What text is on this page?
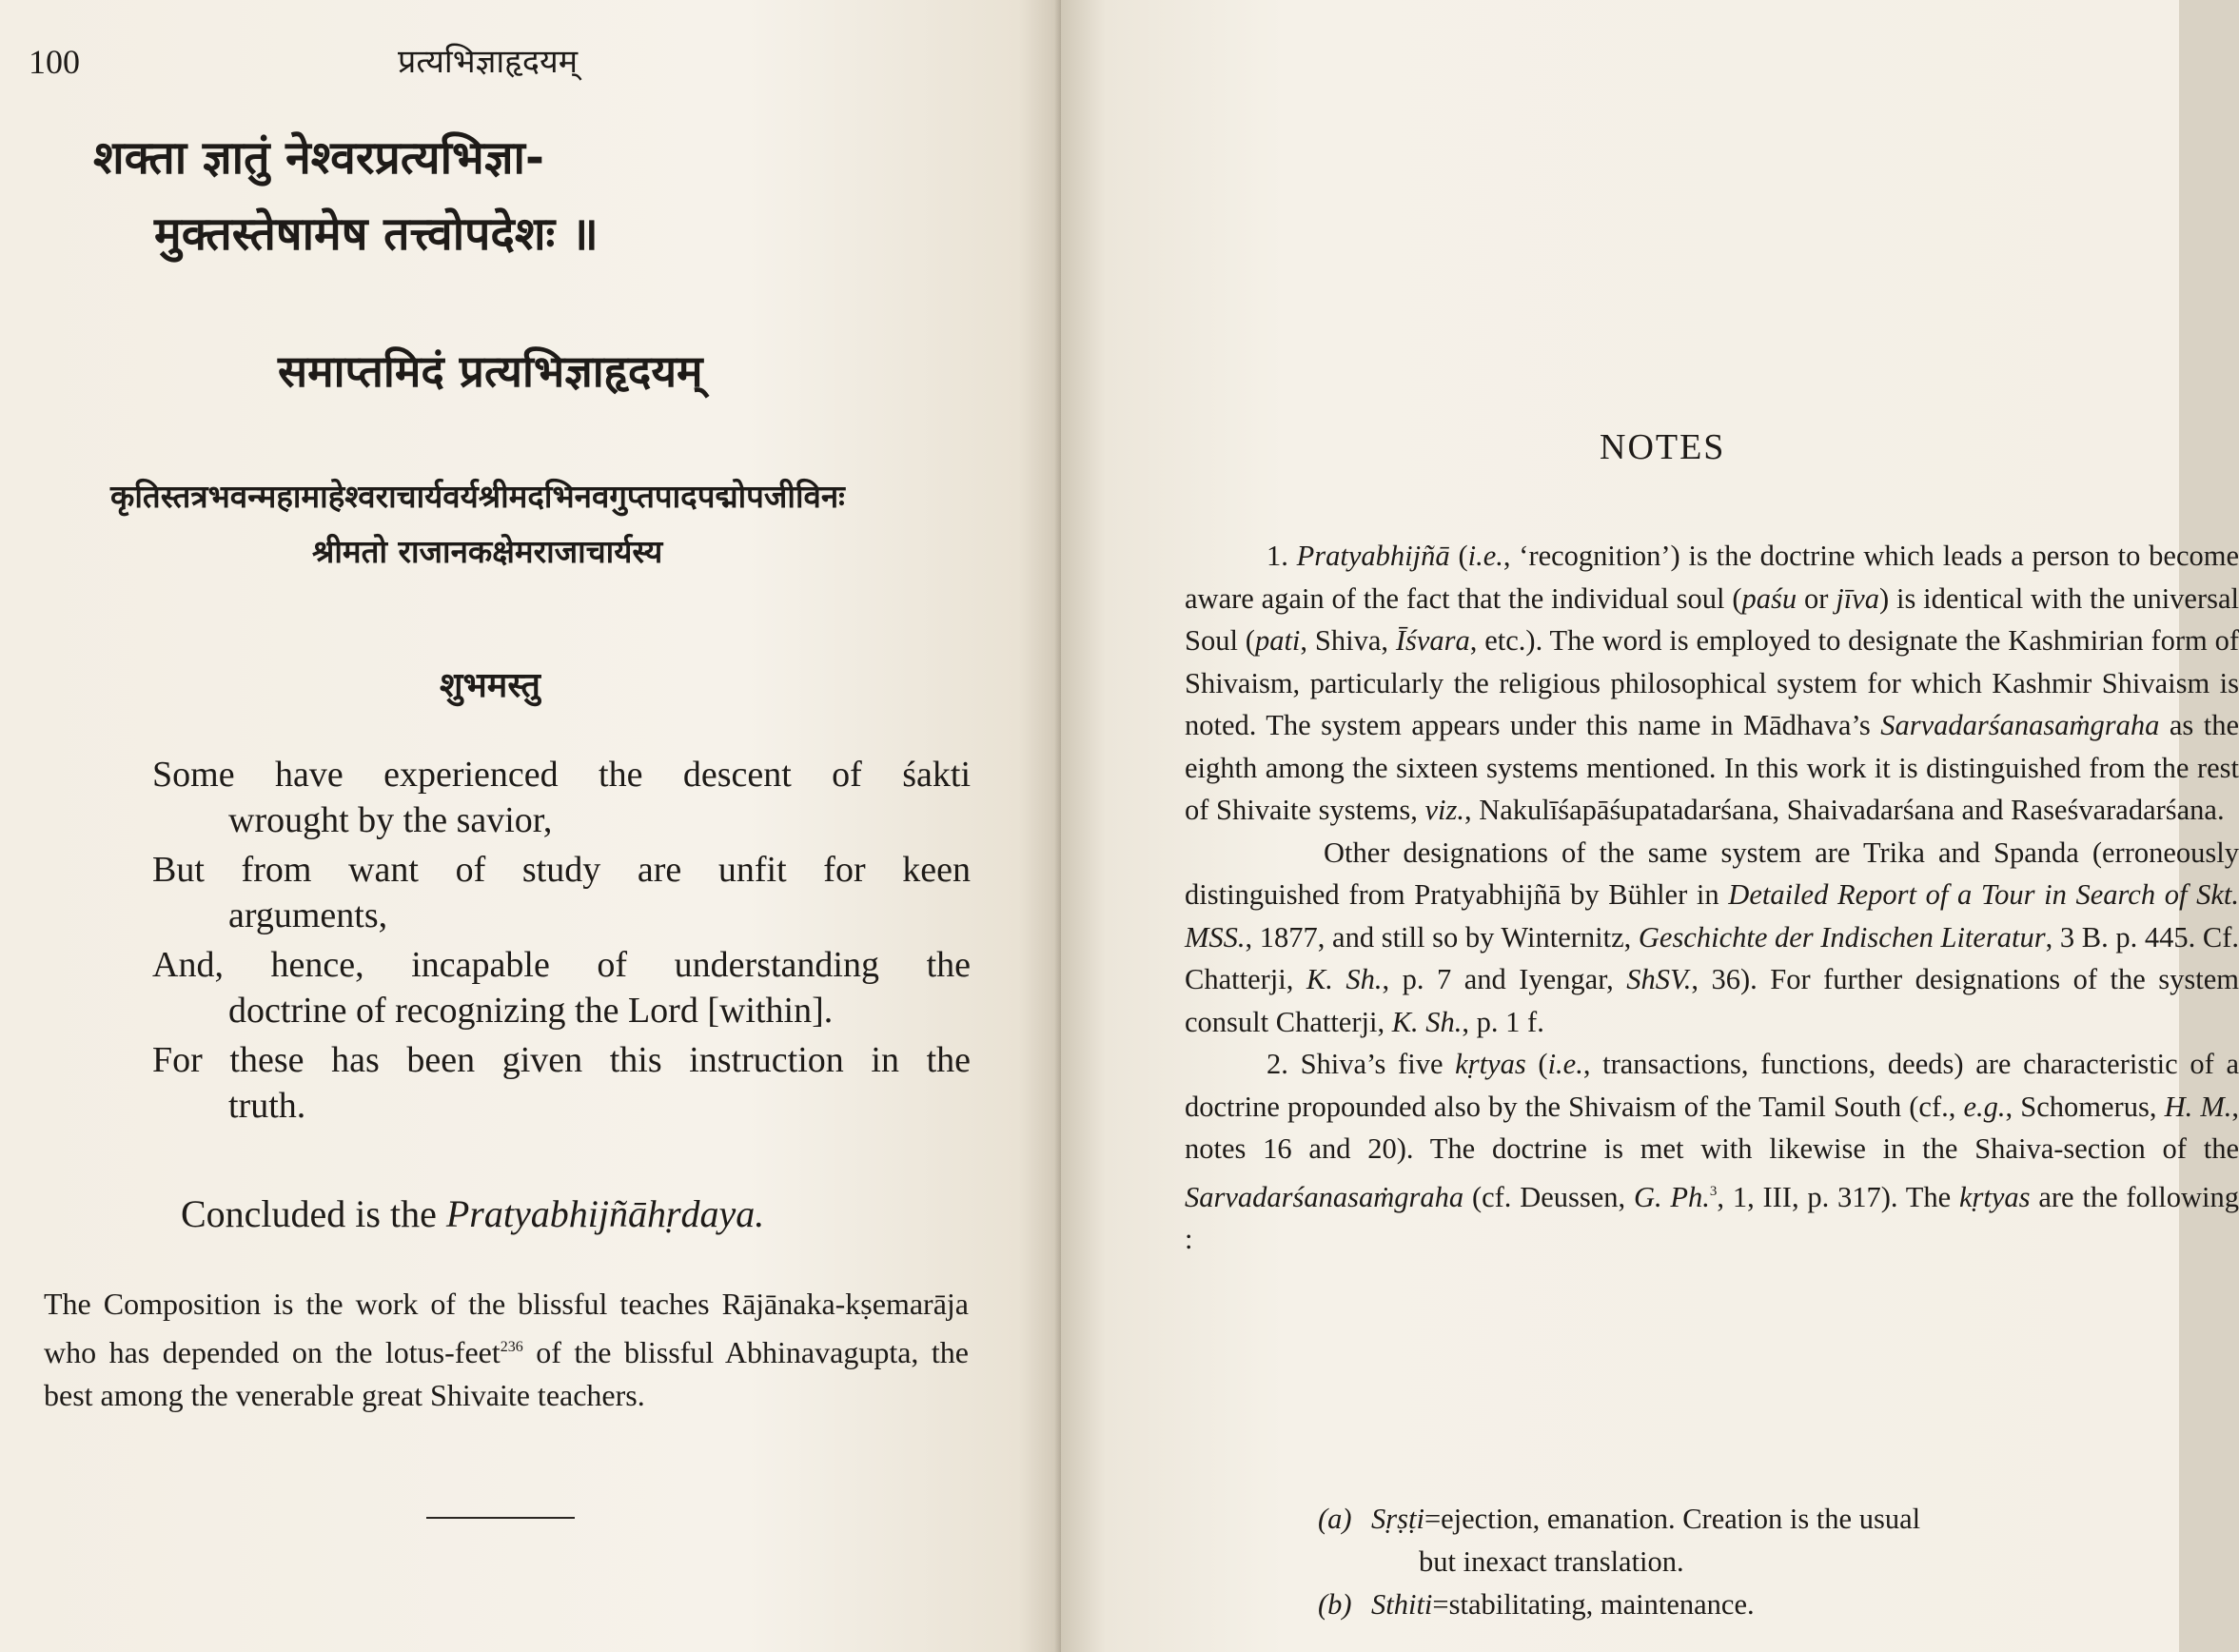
100	प्रत्यभिज्ञाहृदयम्
शक्ता ज्ञातुं नेश्वरप्रत्यभिज्ञा-
मुक्तस्तेषामेष तत्त्वोपदेशः ॥
समाप्तमिदं प्रत्यभिज्ञाहृदयम्
कृतिस्तत्रभवन्महामाहेश्वराचार्यवर्यश्रीमदभिनवगुप्तपादपद्मोपजीविनः
श्रीमतो राजानकक्षेमराजाचार्यस्य
शुभमस्तु

Some have experienced the descent of śakti
wrought by the savior,

But from want of study are unfit for keen
arguments,

And, hence, incapable of understanding the
doctrine of recognizing the Lord [within].

For these has been given this instruction in the
truth.

Concluded is the Pratyabhijñāhṛdaya.
The Composition is the work of the blissful teaches Rājānaka-kṣemarāja who has depended on the lotus-feet$^{236}$ of the blissful Abhinavagupta, the best among the venerable great Shivaite teachers.
NOTES

1. Pratyabhijñā (i.e., ‘recognition’) is the doctrine which leads a person to become aware again of the fact that the individual soul (paśu or jīva) is identical with the universal Soul (pati, Shiva, Īśvara, etc.). The word is employed to designate the Kashmirian form of Shivaism, particularly the religious philosophical system for which Kashmir Shivaism is noted. The system appears under this name in Mādhava’s Sarvadarśanasaṁgraha as the eighth among the sixteen systems mentioned. In this work it is distinguished from the rest of Shivaite systems, viz., Nakulīśapāśupatadarśana, Shaivadarśana and Raseśvaradarśana.

Other designations of the same system are Trika and Spanda (erroneously distinguished from Pratyabhijñā by Bühler in Detailed Report of a Tour in Search of Skt. MSS., 1877, and still so by Winternitz, Geschichte der Indischen Literatur, 3 B. p. 445. Cf. Chatterji, K. Sh., p. 7 and Iyengar, ShSV., 36). For further designations of the system consult Chatterji, K. Sh., p. 1 f.

2. Shiva’s five kṛtyas (i.e., transactions, functions, deeds) are characteristic of a doctrine propounded also by the Shivaism of the Tamil South (cf., e.g., Schomerus, H. M., notes 16 and 20). The doctrine is met with likewise in the Shaiva-section of the Sarvadarśanasaṁgraha (cf. Deussen, G. Ph.$^3$, 1, III, p. 317). The kṛtyas are the following :

(a) Sṛṣṭi=ejection, emanation. Creation is the usual
but inexact translation.

(b) Sthiti=stabilitating, maintenance.
